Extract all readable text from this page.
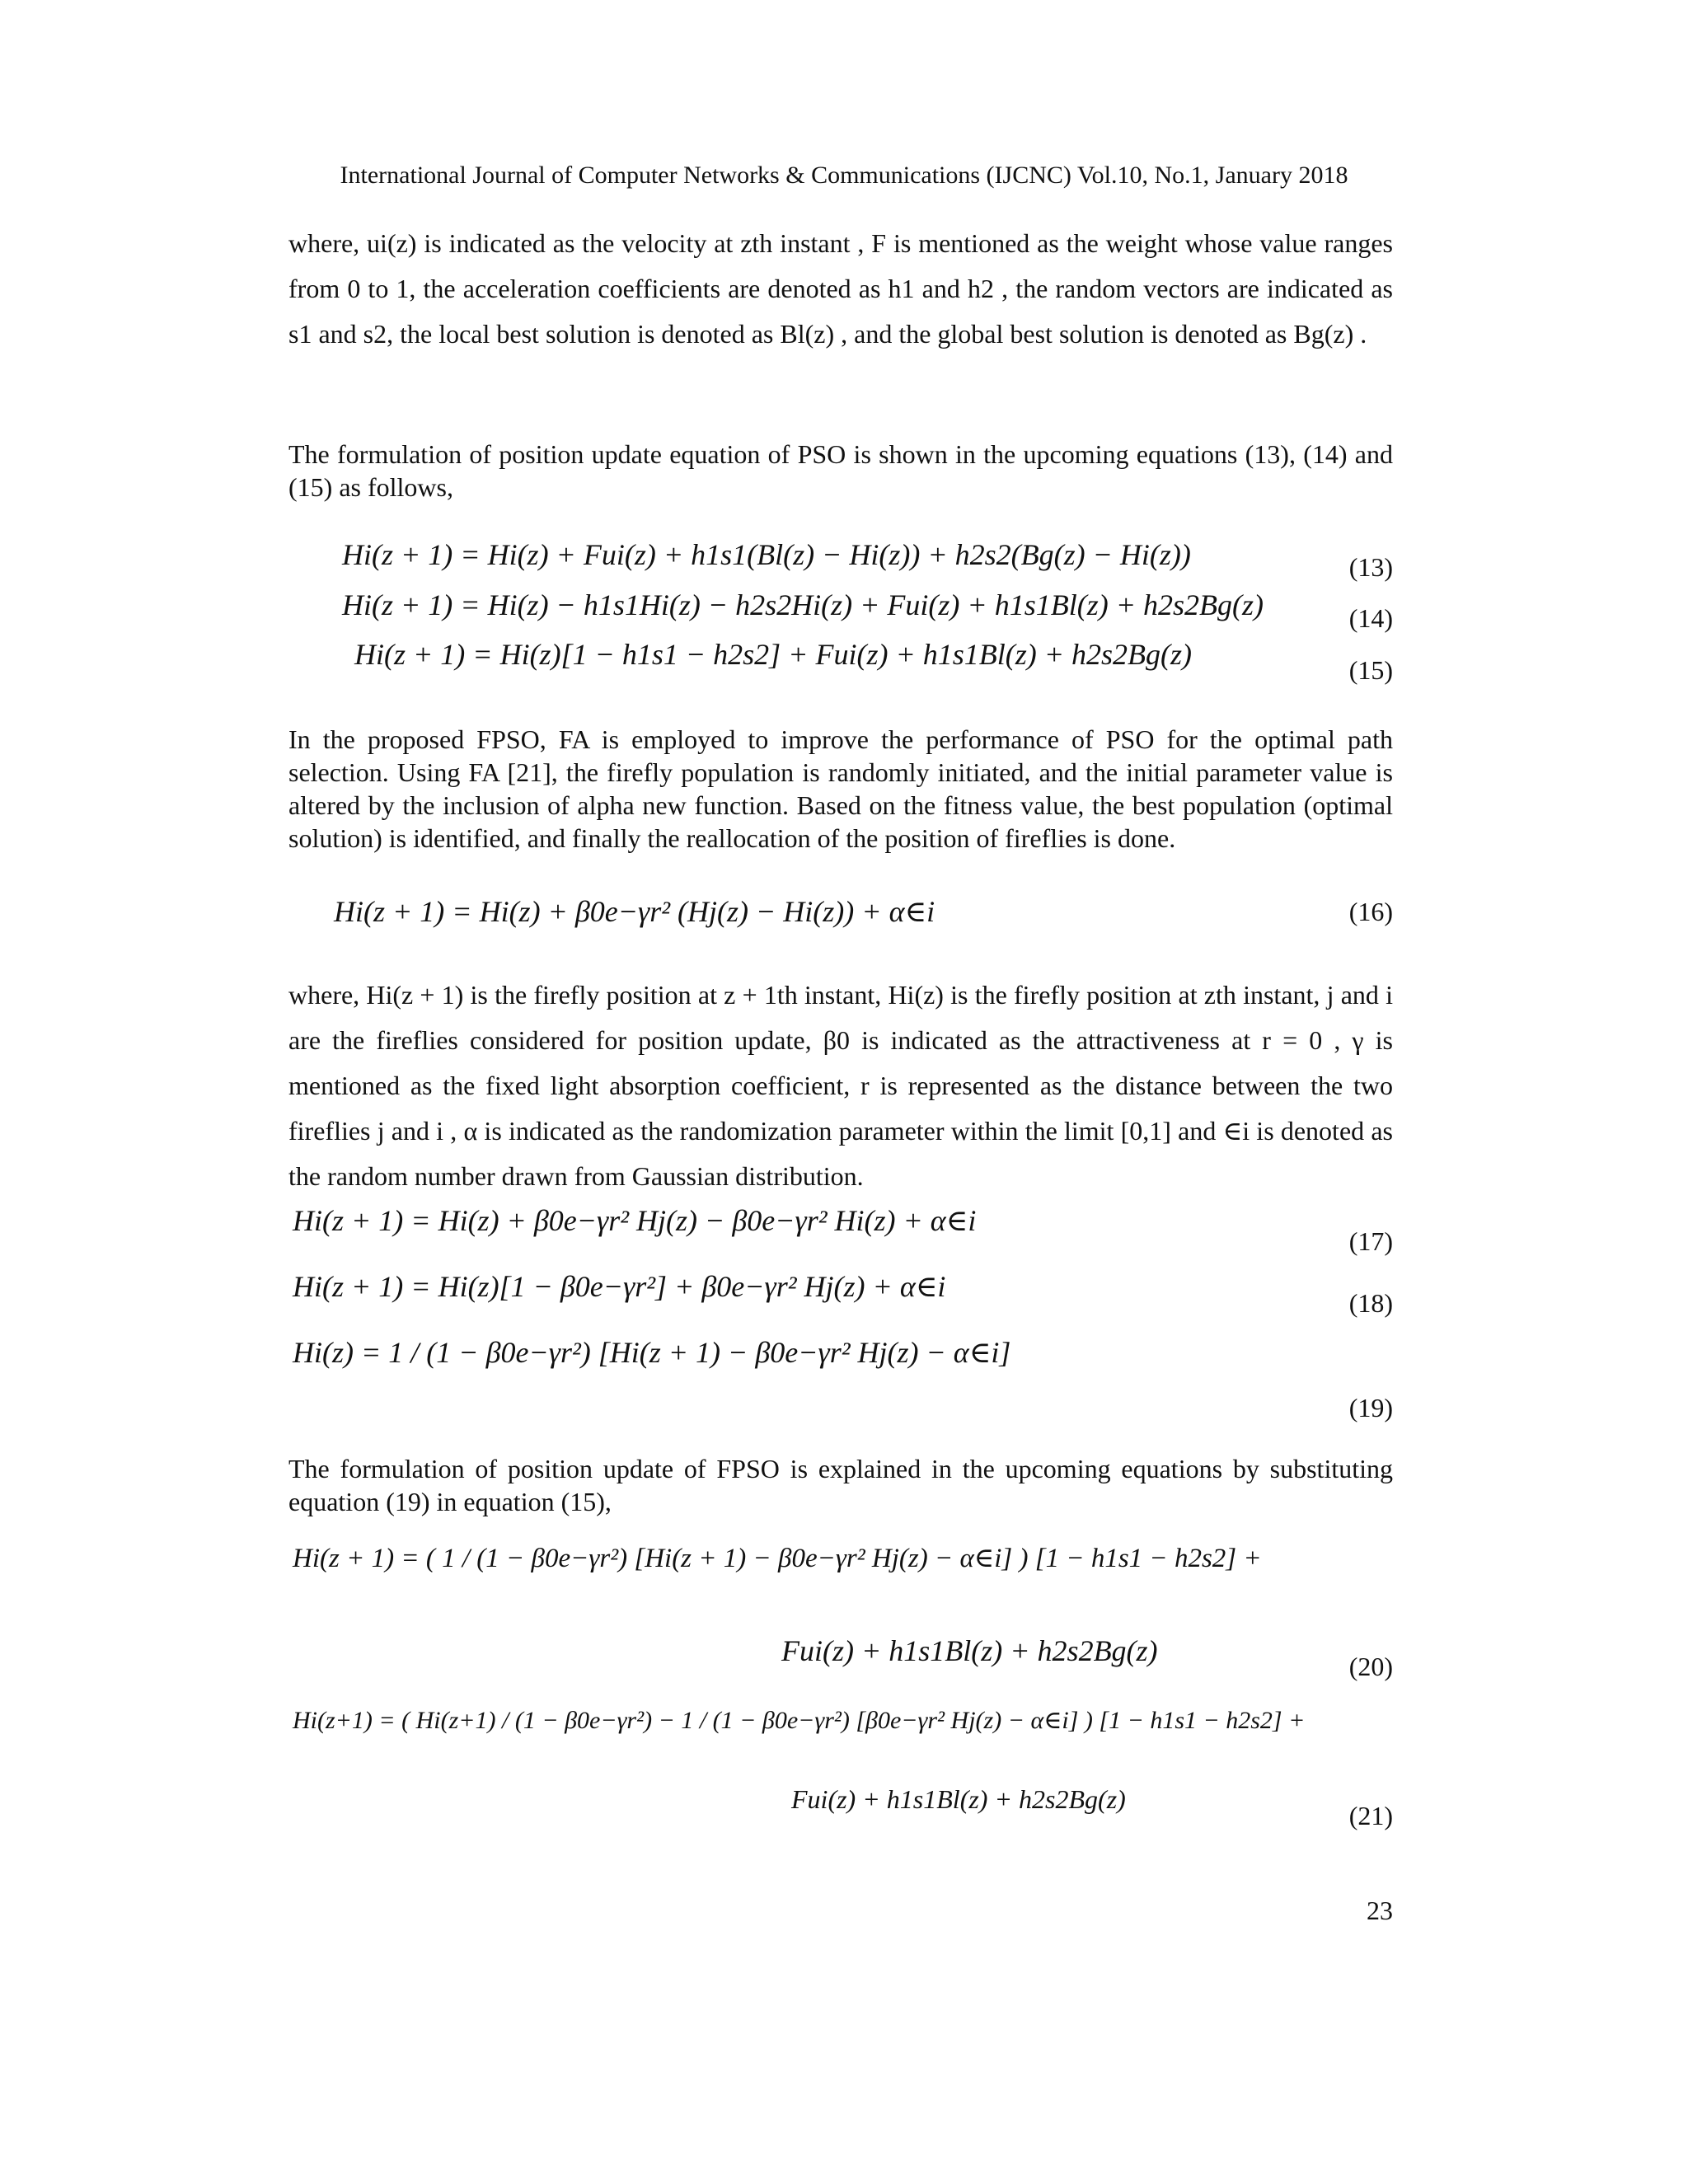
International Journal of Computer Networks & Communications (IJCNC) Vol.10, No.1, January 2018
where, ui(z) is indicated as the velocity at zth instant , F is mentioned as the weight whose value ranges from 0 to 1, the acceleration coefficients are denoted as h1 and h2 , the random vectors are indicated as s1 and s2, the local best solution is denoted as Bl(z) , and the global best solution is denoted as Bg(z) .
The formulation of position update equation of PSO is shown in the upcoming equations (13), (14) and (15) as follows,
Hi(z + 1) = Hi(z) + Fui(z) + h1s1(Bl(z) − Hi(z)) + h2s2(Bg(z) − Hi(z))	(13)
Hi(z + 1) = Hi(z) − h1s1Hi(z) − h2s2Hi(z) + Fui(z) + h1s1Bl(z) + h2s2Bg(z)	(14)
Hi(z + 1) = Hi(z)[1 − h1s1 − h2s2] + Fui(z) + h1s1Bl(z) + h2s2Bg(z)	(15)
In the proposed FPSO, FA is employed to improve the performance of PSO for the optimal path selection. Using FA [21], the firefly population is randomly initiated, and the initial parameter value is altered by the inclusion of alpha new function. Based on the fitness value, the best population (optimal solution) is identified, and finally the reallocation of the position of fireflies is done.
Hi(z + 1) = Hi(z) + β0e−γr² (Hj(z) − Hi(z)) + α∈i	(16)
where, Hi(z + 1) is the firefly position at z + 1th instant, Hi(z) is the firefly position at zth instant, j and i are the fireflies considered for position update, β0 is indicated as the attractiveness at r = 0 , γ is mentioned as the fixed light absorption coefficient, r is represented as the distance between the two fireflies j and i , α is indicated as the randomization parameter within the limit [0,1] and ∈i is denoted as the random number drawn from Gaussian distribution.
Hi(z + 1) = Hi(z) + β0e−γr² Hj(z) − β0e−γr² Hi(z) + α∈i
(17)
Hi(z + 1) = Hi(z)[1 − β0e−γr²] + β0e−γr² Hj(z) + α∈i	(18)
Hi(z) = 1 / (1 − β0e−γr²) [Hi(z + 1) − β0e−γr² Hj(z) − α∈i]
(19)
The formulation of position update of FPSO is explained in the upcoming equations by substituting equation (19) in equation (15),
Hi(z + 1) = ( 1 / (1 − β0e−γr²) [Hi(z + 1) − β0e−γr² Hj(z) − α∈i] ) [1 − h1s1 − h2s2] +
Fui(z) + h1s1Bl(z) + h2s2Bg(z)	(20)
Hi(z+1) = ( Hi(z+1) / (1 − β0e−γr²) − 1 / (1 − β0e−γr²) [β0e−γr² Hj(z) − α∈i] ) [1 − h1s1 − h2s2] +
Fui(z) + h1s1Bl(z) + h2s2Bg(z)
(21)
23
